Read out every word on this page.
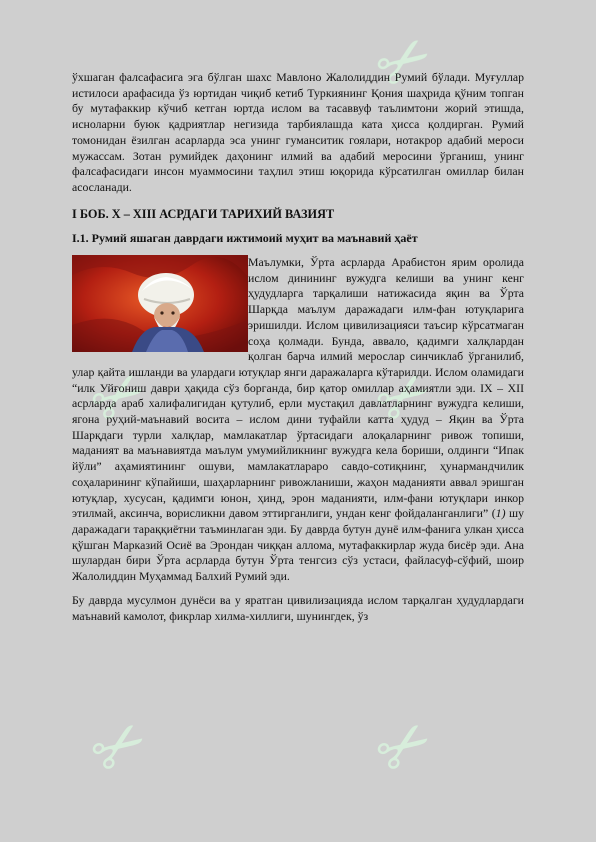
✂
✂	✂
✂	✂

ўхшаган фалсафасига эга бўлган шахс Мавлоно Жалолиддин Румий бўлади. Муғуллар истилоси арафасида ўз юртидан чиқиб кетиб Туркиянинг Қония шаҳрида қўним топган бу мутафаккир кўчиб кетган юртда ислом ва тасаввуф таълимтони жорий этишда, исноларни буюк қадриятлар негизида тарбиялашда ката ҳисса қолдирган. Румий томонидан ёзилган асарларда эса унинг гуманситик гоялари, нотакрор адабий мероси мужассам. Зотан румийдек даҳонинг илмий ва адабий меросини ўрганиш, унинг фалсафасидаги инсон муаммосини таҳлил этиш юқорида кўрсатилган омиллар билан асосланади.

I БОБ. X – XIII АСРДАГИ ТАРИХИЙ ВАЗИЯТ

I.1. Румий яшаган даврдаги ижтимоий муҳит ва маънавий ҳаёт

Маълумки, Ўрта асрларда Арабистон ярим оролида ислом динининг вужудга келиши ва унинг кенг ҳудудларга тарқалиши натижасида яқин ва Ўрта Шарқда маълум даражадаги илм-фан ютуқларига эришилди. Ислом цивилизацияси таъсир кўрсатмаган соҳа қолмади. Бунда, аввало, қадимги халқлардан қолган барча илмий мерослар синчиклаб ўрганилиб, улар қайта ишланди ва улардаги ютуқлар янги даражаларга кўтарилди. Ислом оламидаги “илк Уйғониш даври ҳақида сўз борганда, бир қатор омиллар аҳамиятли эди. IX – XII асрларда араб халифалигидан қутулиб, ерли мустақил давлатларнинг вужудга келиши, ягона руҳий-маънавий восита – ислом дини туфайли катта ҳудуд – Яқин ва Ўрта Шарқдаги турли халқлар, мамлакатлар ўртасидаги алоқаларнинг ривож топиши, маданият ва маънавиятда маълум умумийликнинг вужудга кела бориши, олдинги “Ипак йўли” аҳамиятининг ошуви, мамлакатлараро савдо-сотиқнинг, ҳунармандчилик соҳаларининг кўпайиши, шаҳарларнинг ривожланиши, жаҳон маданияти аввал эришган ютуқлар, хусусан, қадимги юнон, ҳинд, эрон маданияти, илм-фани ютуқлари инкор этилмай, аксинча, ворисликни давом эттирганлиги, ундан кенг фойдаланганлиги” (1) шу даражадаги тараққиётни таъминлаган эди. Бу даврда бутун дунё илм-фанига улкан ҳисса қўшган Марказий Осиё ва Эрондан чиққан аллома, мутафаккирлар жуда бисёр эди. Ана шулардан бири Ўрта асрларда бутун Ўрта тенгсиз сўз устаси, файласуф-сўфий, шоир Жалолиддин Муҳаммад Балхий Румий эди.

Бу даврда мусулмон дунёси ва у яратган цивилизацияда ислом тарқалган ҳудудлардаги маънавий камолот, фикрлар хилма-хиллиги, шунингдек, ўз
